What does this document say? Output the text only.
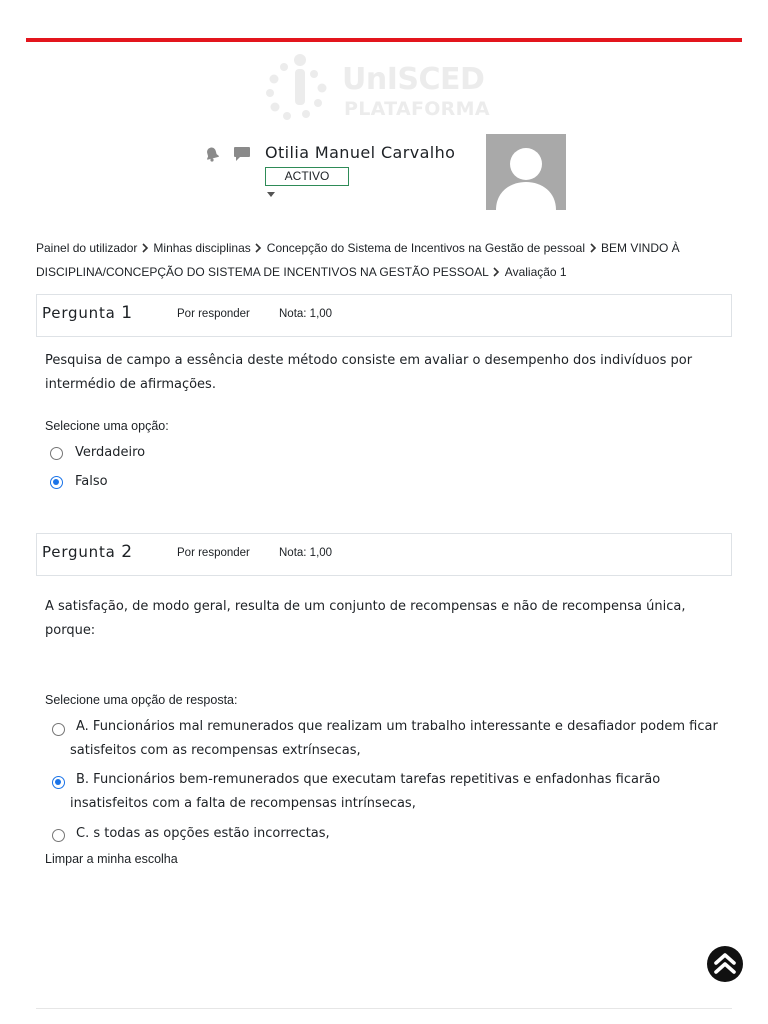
UnISCED
PLATAFORMA
Otilia Manuel Carvalho
ACTIVO
Painel do utilizador Minhas disciplinas Concepção do Sistema de Incentivos na Gestão de pessoal BEM VINDO À DISCIPLINA/CONCEPÇÃO DO SISTEMA DE INCENTIVOS NA GESTÃO PESSOAL Avaliação 1
Pergunta 1	Por responder	Nota: 1,00
Pesquisa de campo a essência deste método consiste em avaliar o desempenho dos indivíduos por intermédio de afirmações.
Selecione uma opção:
Verdadeiro
Falso
Pergunta 2	Por responder	Nota: 1,00
A satisfação, de modo geral, resulta de um conjunto de recompensas e não de recompensa única, porque:
Selecione uma opção de resposta:
A. Funcionários mal remunerados que realizam um trabalho interessante e desafiador podem ficar satisfeitos com as recompensas extrínsecas,
B. Funcionários bem-remunerados que executam tarefas repetitivas e enfadonhas ficarão insatisfeitos com a falta de recompensas intrínsecas,
C. s todas as opções estão incorrectas,
Limpar a minha escolha
